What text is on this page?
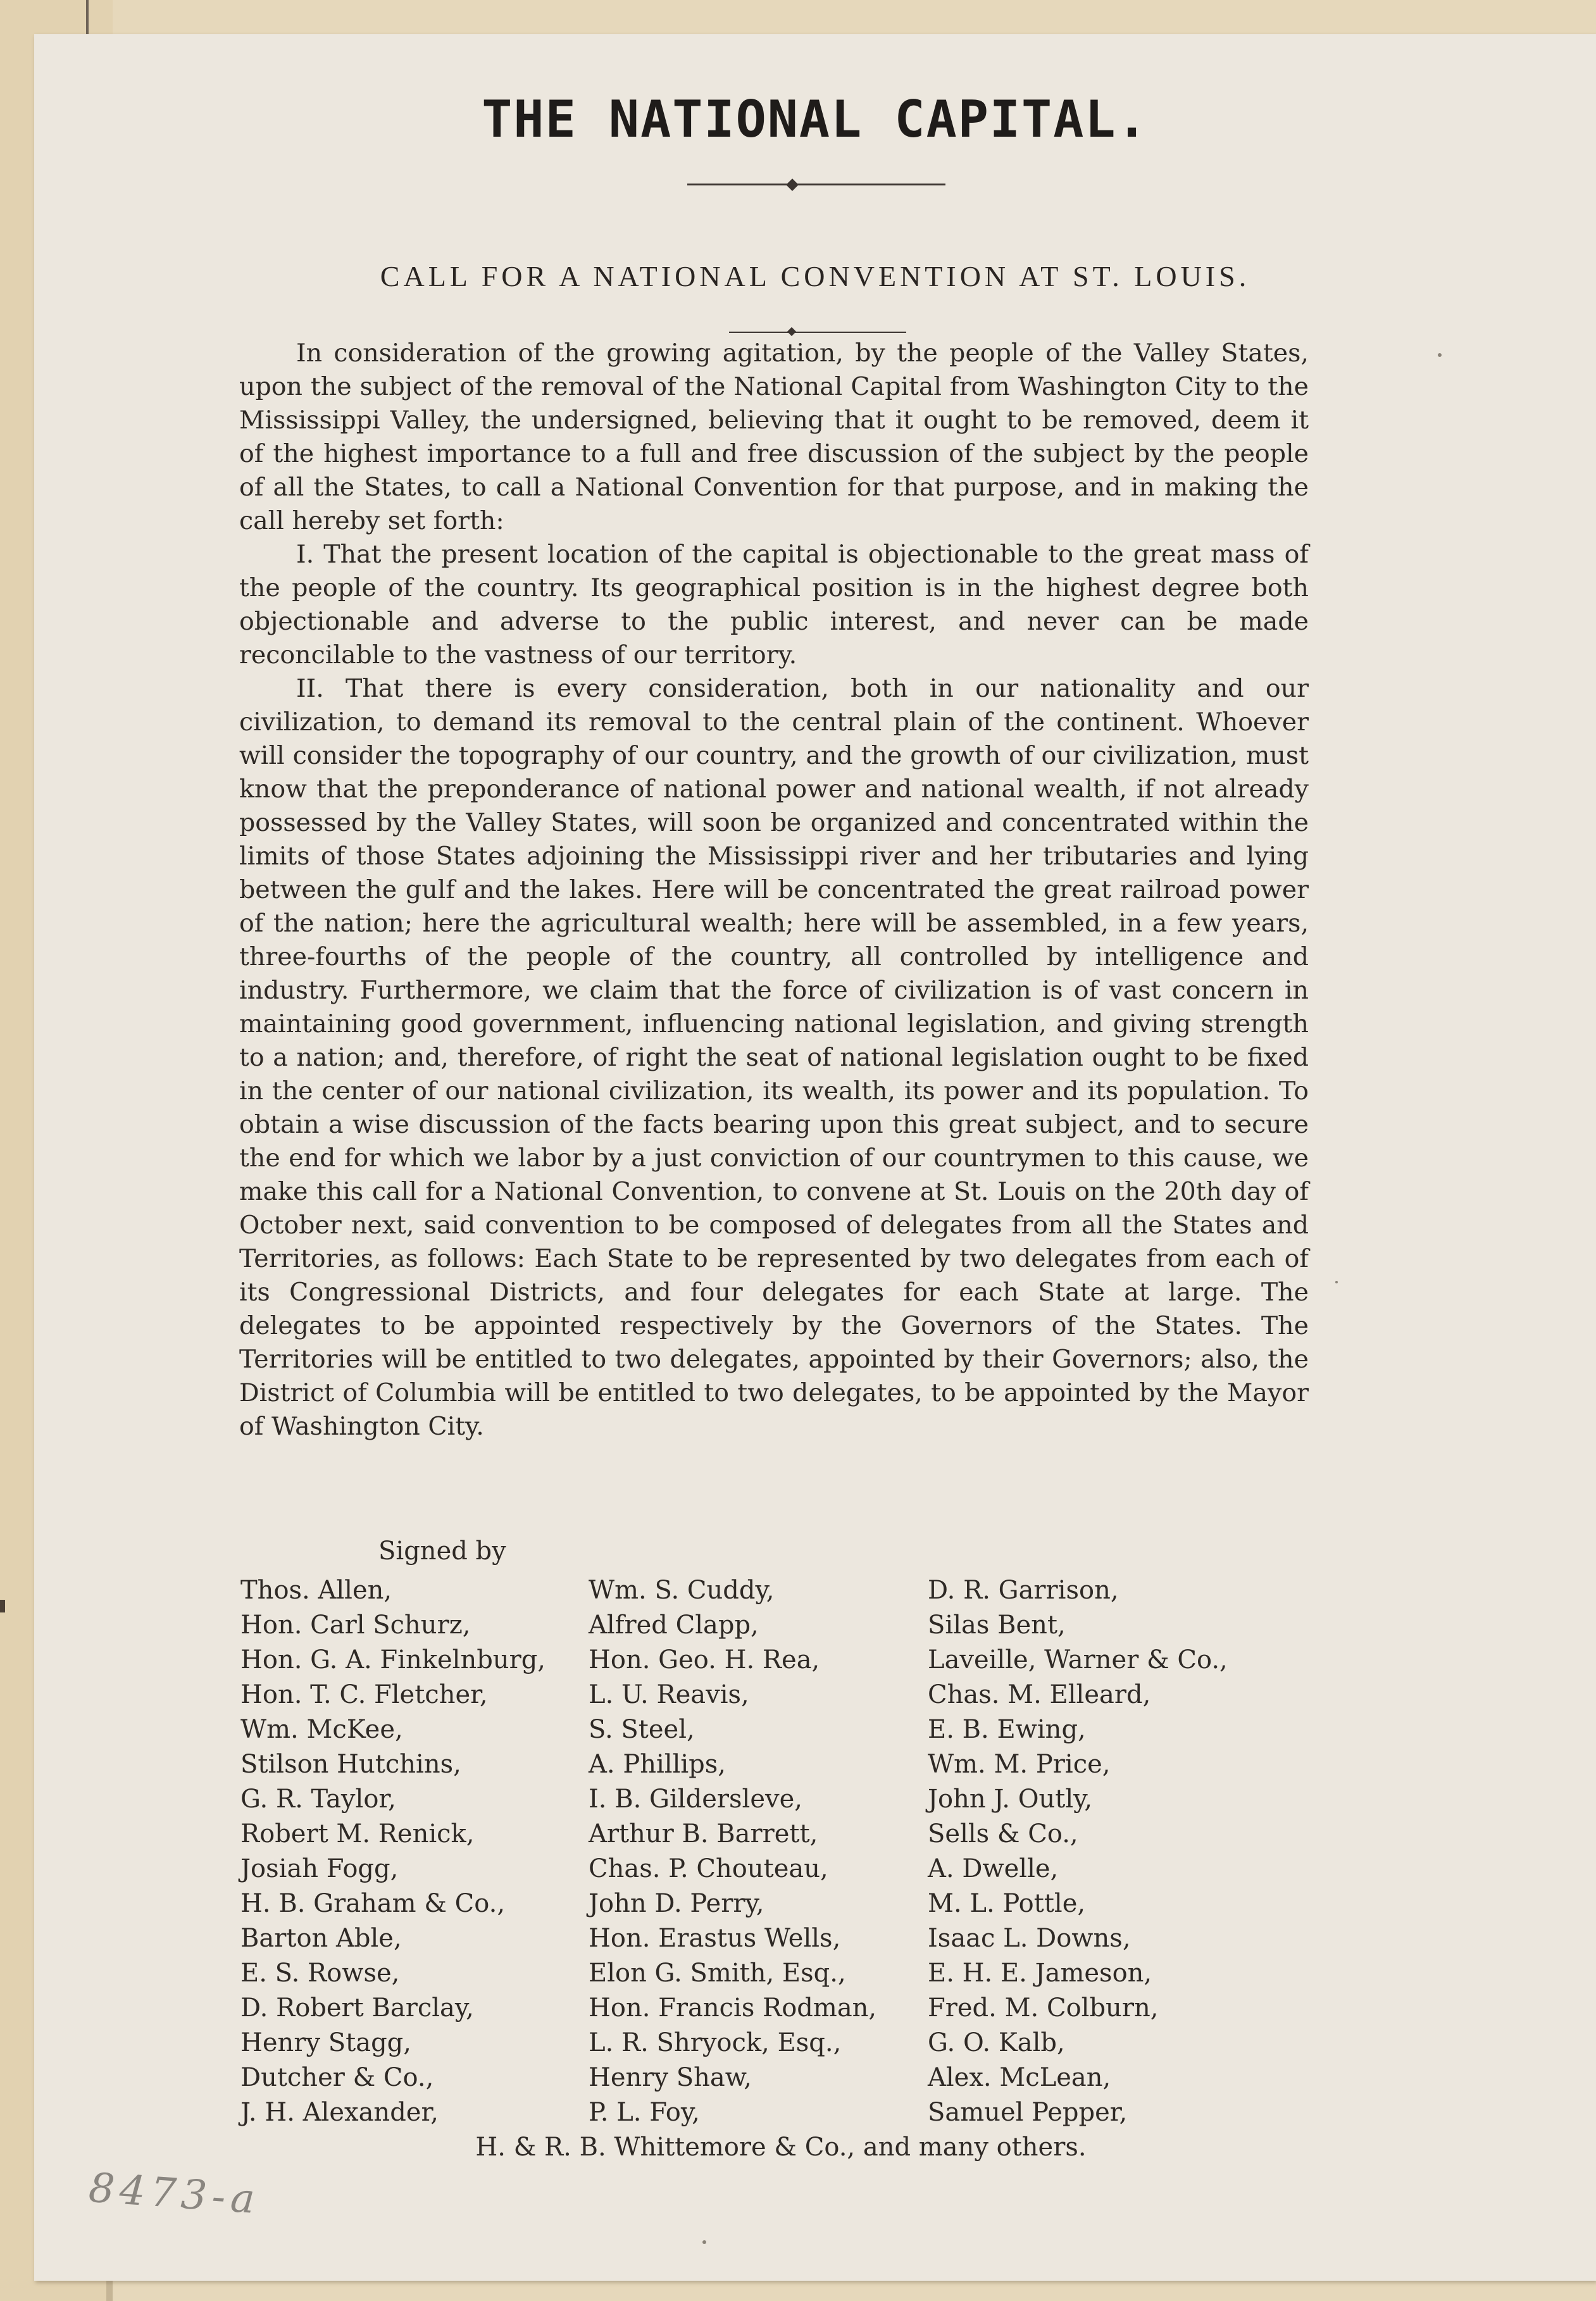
THE NATIONAL CAPITAL.
CALL FOR A NATIONAL CONVENTION AT ST. LOUIS.

In consideration of the growing agitation, by the people of the Valley States, upon the subject of the removal of the National Capital from Washington City to the Mississippi Valley, the undersigned, believing that it ought to be removed, deem it of the highest importance to a full and free discussion of the subject by the people of all the States, to call a National Convention for that purpose, and in making the call hereby set forth:

I. That the present location of the capital is objectionable to the great mass of the people of the country. Its geographical position is in the highest degree both objectionable and adverse to the public interest, and never can be made reconcilable to the vastness of our territory.

II. That there is every consideration, both in our nationality and our civilization, to demand its removal to the central plain of the continent. Whoever will consider the topography of our country, and the growth of our civilization, must know that the preponderance of national power and national wealth, if not already possessed by the Valley States, will soon be organized and concentrated within the limits of those States adjoining the Mississippi river and her tributaries and lying between the gulf and the lakes. Here will be concentrated the great railroad power of the nation; here the agricultural wealth; here will be assembled, in a few years, three-fourths of the people of the country, all controlled by intelligence and industry. Furthermore, we claim that the force of civilization is of vast concern in maintaining good government, influencing national legislation, and giving strength to a nation; and, therefore, of right the seat of national legislation ought to be fixed in the center of our national civilization, its wealth, its power and its population. To obtain a wise discussion of the facts bearing upon this great subject, and to secure the end for which we labor by a just conviction of our countrymen to this cause, we make this call for a National Convention, to convene at St. Louis on the 20th day of October next, said convention to be composed of delegates from all the States and Territories, as follows: Each State to be represented by two delegates from each of its Congressional Districts, and four delegates for each State at large. The delegates to be appointed respectively by the Governors of the States. The Territories will be entitled to two delegates, appointed by their Governors; also, the District of Columbia will be entitled to two delegates, to be appointed by the Mayor of Washington City.

Signed by
Thos. Allen,
Hon. Carl Schurz,
Hon. G. A. Finkelnburg,
Hon. T. C. Fletcher,
Wm. McKee,
Stilson Hutchins,
G. R. Taylor,
Robert M. Renick,
Josiah Fogg,
H. B. Graham & Co.,
Barton Able,
E. S. Rowse,
D. Robert Barclay,
Henry Stagg,
Dutcher & Co.,
J. H. Alexander,
Wm. S. Cuddy,
Alfred Clapp,
Hon. Geo. H. Rea,
L. U. Reavis,
S. Steel,
A. Phillips,
I. B. Gildersleve,
Arthur B. Barrett,
Chas. P. Chouteau,
John D. Perry,
Hon. Erastus Wells,
Elon G. Smith, Esq.,
Hon. Francis Rodman,
L. R. Shryock, Esq.,
Henry Shaw,
P. L. Foy,
D. R. Garrison,
Silas Bent,
Laveille, Warner & Co.,
Chas. M. Elleard,
E. B. Ewing,
Wm. M. Price,
John J. Outly,
Sells & Co.,
A. Dwelle,
M. L. Pottle,
Isaac L. Downs,
E. H. E. Jameson,
Fred. M. Colburn,
G. O. Kalb,
Alex. McLean,
Samuel Pepper,
H. & R. B. Whittemore & Co., and many others.
8473-a
